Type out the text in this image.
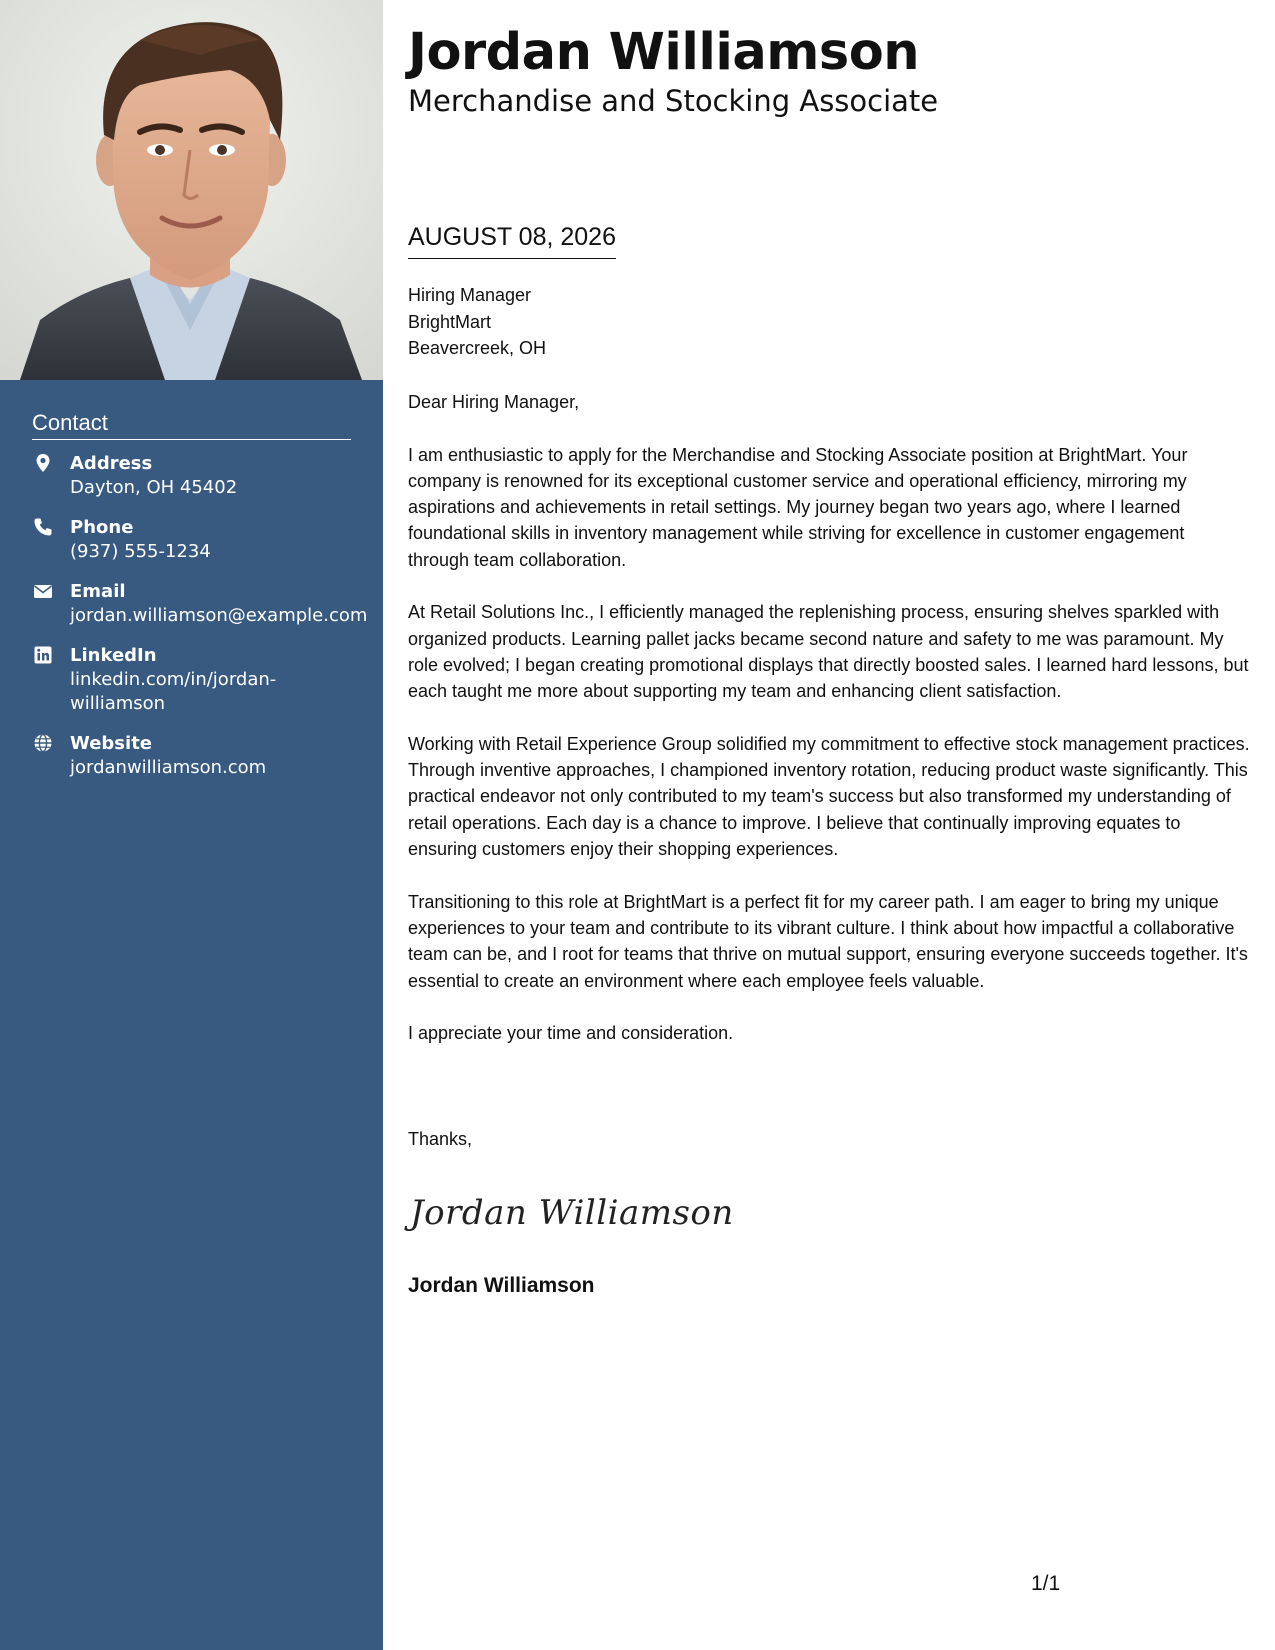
Contact
Address
Dayton, OH 45402
Phone
(937) 555-1234
Email
jordan.williamson@example.com
LinkedIn
linkedin.com/in/jordan-williamson
Website
jordanwilliamson.com
Jordan Williamson
Merchandise and Stocking Associate
AUGUST 08, 2026
Hiring Manager
BrightMart
Beavercreek, OH

Dear Hiring Manager,

I am enthusiastic to apply for the Merchandise and Stocking Associate position at BrightMart. Your company is renowned for its exceptional customer service and operational efficiency, mirroring my aspirations and achievements in retail settings. My journey began two years ago, where I learned foundational skills in inventory management while striving for excellence in customer engagement through team collaboration.

At Retail Solutions Inc., I efficiently managed the replenishing process, ensuring shelves sparkled with organized products. Learning pallet jacks became second nature and safety to me was paramount. My role evolved; I began creating promotional displays that directly boosted sales. I learned hard lessons, but each taught me more about supporting my team and enhancing client satisfaction.

Working with Retail Experience Group solidified my commitment to effective stock management practices. Through inventive approaches, I championed inventory rotation, reducing product waste significantly. This practical endeavor not only contributed to my team's success but also transformed my understanding of retail operations. Each day is a chance to improve. I believe that continually improving equates to ensuring customers enjoy their shopping experiences.

Transitioning to this role at BrightMart is a perfect fit for my career path. I am eager to bring my unique experiences to your team and contribute to its vibrant culture. I think about how impactful a collaborative team can be, and I root for teams that thrive on mutual support, ensuring everyone succeeds together. It's essential to create an environment where each employee feels valuable.

I appreciate your time and consideration.

Thanks,
Jordan Williamson
Jordan Williamson
1/1
